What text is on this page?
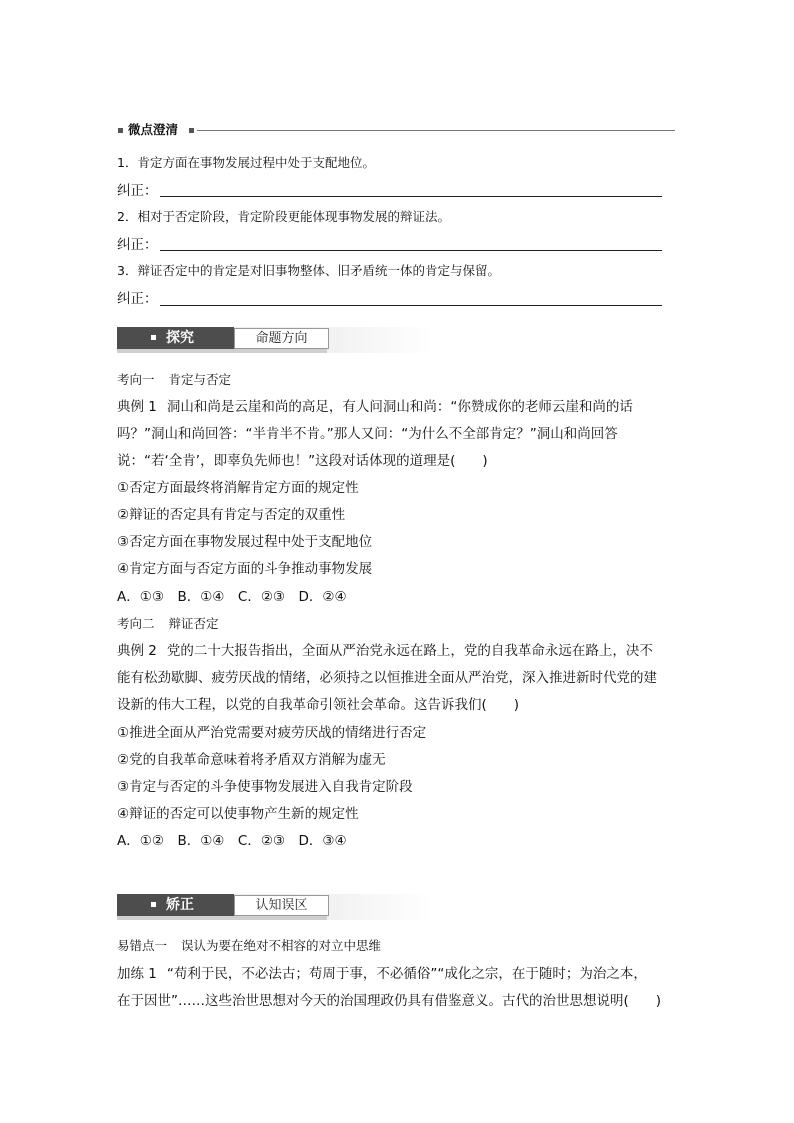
微点澄清
1．肯定方面在事物发展过程中处于支配地位。
纠正：
2．相对于否定阶段，肯定阶段更能体现事物发展的辩证法。
纠正：
3．辩证否定中的肯定是对旧事物整体、旧矛盾统一体的肯定与保留。
纠正：
探究	命题方向
考向一 肯定与否定
典例 1 洞山和尚是云崖和尚的高足，有人问洞山和尚：“你赞成你的老师云崖和尚的话
吗？”洞山和尚回答：“半肯半不肯。”那人又问：“为什么不全部肯定？”洞山和尚回答
说：“若‘全肯’，即辜负先师也！”这段对话体现的道理是(　　)
①否定方面最终将消解肯定方面的规定性
②辩证的否定具有肯定与否定的双重性
③否定方面在事物发展过程中处于支配地位
④肯定方面与否定方面的斗争推动事物发展
A．①③　B．①④　C．②③　D．②④
考向二 辩证否定
典例 2 党的二十大报告指出，全面从严治党永远在路上，党的自我革命永远在路上，决不
能有松劲歇脚、疲劳厌战的情绪，必须持之以恒推进全面从严治党，深入推进新时代党的建
设新的伟大工程，以党的自我革命引领社会革命。这告诉我们(　　)
①推进全面从严治党需要对疲劳厌战的情绪进行否定
②党的自我革命意味着将矛盾双方消解为虚无
③肯定与否定的斗争使事物发展进入自我肯定阶段
④辩证的否定可以使事物产生新的规定性
A．①②　B．①④　C．②③　D．③④
矫正	认知误区
易错点一 误认为要在绝对不相容的对立中思维
加练 1 “苟利于民，不必法古；苟周于事，不必循俗”“成化之宗，在于随时；为治之本，
在于因世”……这些治世思想对今天的治国理政仍具有借鉴意义。古代的治世思想说明(　　)
